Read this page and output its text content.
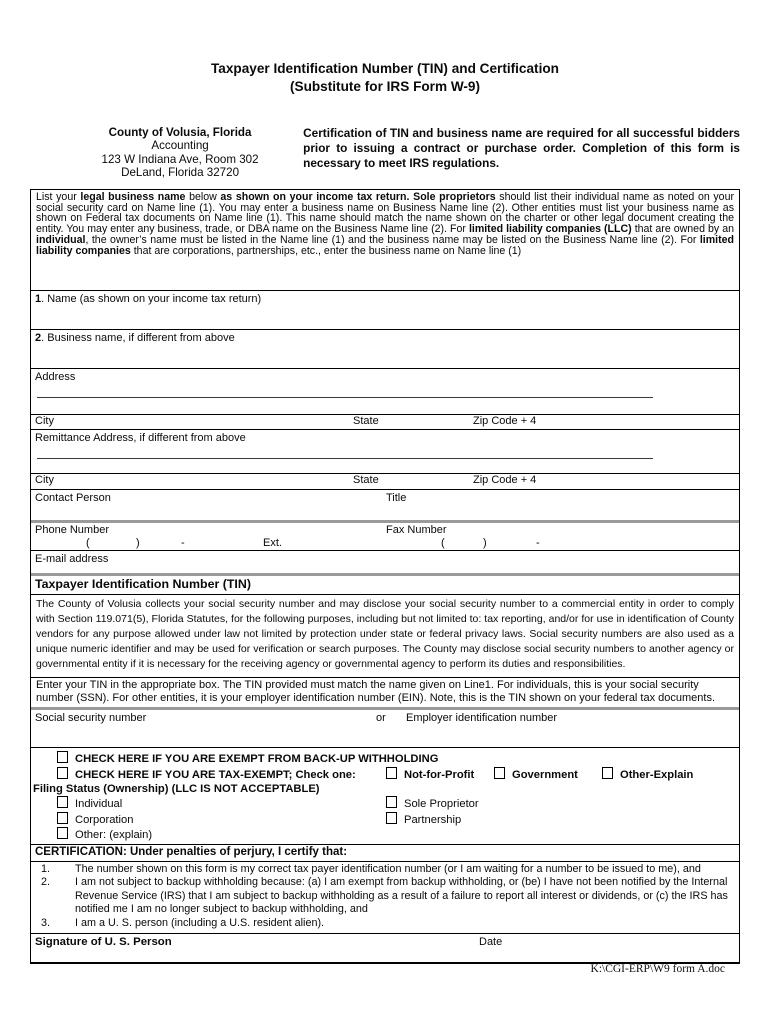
Taxpayer Identification Number (TIN) and Certification
(Substitute for IRS Form W-9)
County of Volusia, Florida
Accounting
123 W Indiana Ave, Room 302
DeLand, Florida 32720
Certification of TIN and business name are required for all successful bidders prior to issuing a contract or purchase order. Completion of this form is necessary to meet IRS regulations.
List your legal business name below as shown on your income tax return. Sole proprietors should list their individual name as noted on your social security card on Name line (1). You may enter a business name on Business Name line (2). Other entities must list your business name as shown on Federal tax documents on Name line (1). This name should match the name shown on the charter or other legal document creating the entity. You may enter any business, trade, or DBA name on the Business Name line (2). For limited liability companies (LLC) that are owned by an individual, the owner’s name must be listed in the Name line (1) and the business name may be listed on the Business Name line (2). For limited liability companies that are corporations, partnerships, etc., enter the business name on Name line (1)
1. Name (as shown on your income tax return)
2. Business name, if different from above
Address
City	State	Zip Code + 4
Remittance Address, if different from above
City	State	Zip Code + 4
Contact Person	Title
Phone Number	Fax Number
(	)	-	Ext.	(	)	-
E-mail address
Taxpayer Identification Number (TIN)
The County of Volusia collects your social security number and may disclose your social security number to a commercial entity in order to comply with Section 119.071(5), Florida Statutes, for the following purposes, including but not limited to: tax reporting, and/or for use in identification of County vendors for any purpose allowed under law not limited by protection under state or federal privacy laws. Social security numbers are also used as a unique numeric identifier and may be used for verification or search purposes. The County may disclose social security numbers to another agency or governmental entity if it is necessary for the receiving agency or governmental agency to perform its duties and responsibilities.
Enter your TIN in the appropriate box. The TIN provided must match the name given on Line1. For individuals, this is your social security number (SSN). For other entities, it is your employer identification number (EIN). Note, this is the TIN shown on your federal tax documents.
Social security number	or Employer identification number
CHECK HERE IF YOU ARE EXEMPT FROM BACK-UP WITHHOLDING
CHECK HERE IF YOU ARE TAX-EXEMPT; Check one:	Not-for-Profit	Government	Other-Explain
Filing Status (Ownership) (LLC IS NOT ACCEPTABLE)
Individual	Sole Proprietor
Corporation	Partnership
Other: (explain)
CERTIFICATION: Under penalties of perjury, I certify that:
1.	The number shown on this form is my correct tax payer identification number (or I am waiting for a number to be issued to me), and
2.	I am not subject to backup withholding because: (a) I am exempt from backup withholding, or (be) I have not been notified by the Internal Revenue Service (IRS) that I am subject to backup withholding as a result of a failure to report all interest or dividends, or (c) the IRS has notified me I am no longer subject to backup withholding, and
3.	I am a U. S. person (including a U.S. resident alien).
Signature of U. S. Person	Date
K:\CGI-ERP\W9 form A.doc
